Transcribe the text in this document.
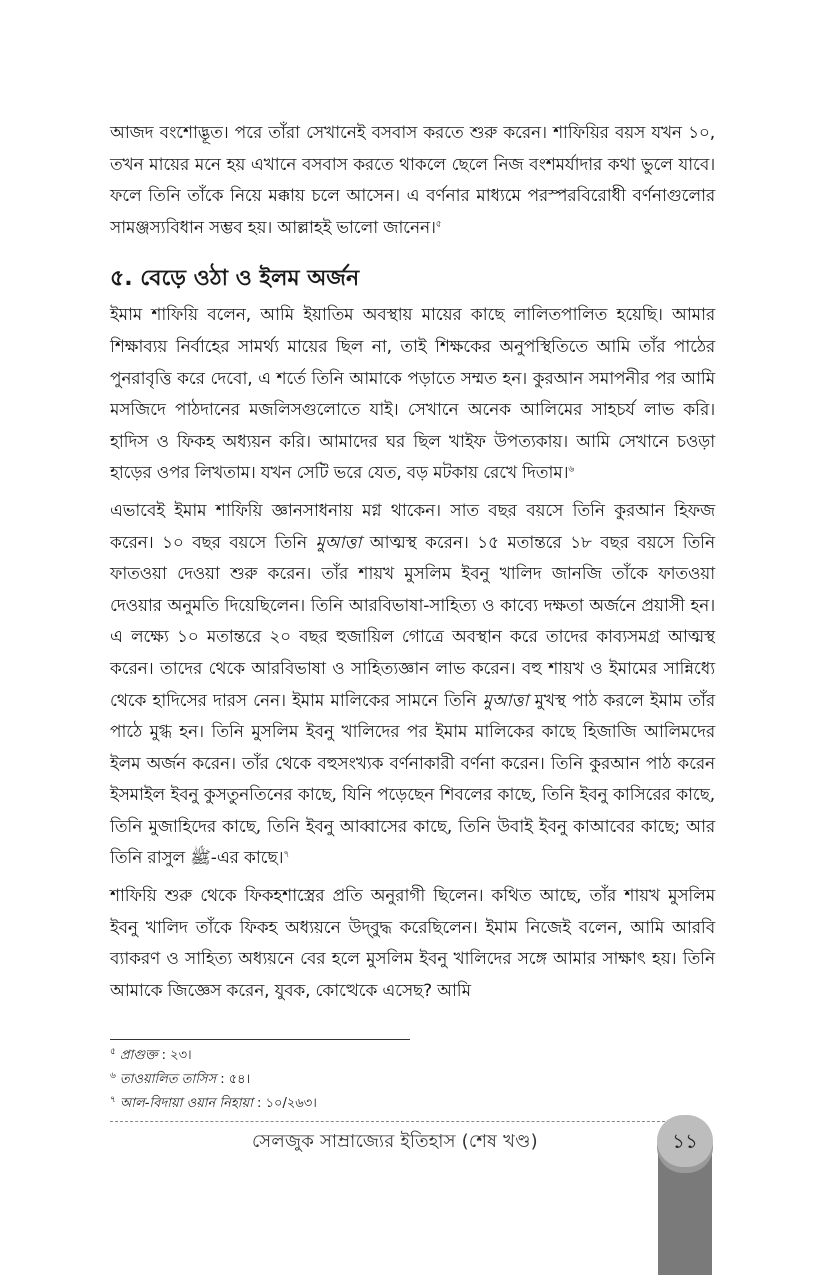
আজদ বংশোদ্ভূত। পরে তাঁরা সেখানেই বসবাস করতে শুরু করেন। শাফিয়ির বয়স যখন ১০, তখন মায়ের মনে হয় এখানে বসবাস করতে থাকলে ছেলে নিজ বংশমর্যাদার কথা ভুলে যাবে। ফলে তিনি তাঁকে নিয়ে মক্কায় চলে আসেন। এ বর্ণনার মাধ্যমে পরস্পরবিরোধী বর্ণনাগুলোর সামঞ্জস্যবিধান সম্ভব হয়। আল্লাহই ভালো জানেন।$^৫$

৫. বেড়ে ওঠা ও ইলম অর্জন

ইমাম শাফিয়ি বলেন, আমি ইয়াতিম অবস্থায় মায়ের কাছে লালিতপালিত হয়েছি। আমার শিক্ষাব্যয় নির্বাহের সামর্থ্য মায়ের ছিল না, তাই শিক্ষকের অনুপস্থিতিতে আমি তাঁর পাঠের পুনরাবৃত্তি করে দেবো, এ শর্তে তিনি আমাকে পড়াতে সম্মত হন। কুরআন সমাপনীর পর আমি মসজিদে পাঠদানের মজলিসগুলোতে যাই। সেখানে অনেক আলিমের সাহচর্য লাভ করি। হাদিস ও ফিকহ অধ্যয়ন করি। আমাদের ঘর ছিল খাইফ উপত্যকায়। আমি সেখানে চওড়া হাড়ের ওপর লিখতাম। যখন সেটি ভরে যেত, বড় মটকায় রেখে দিতাম।$^৬$

এভাবেই ইমাম শাফিয়ি জ্ঞানসাধনায় মগ্ন থাকেন। সাত বছর বয়সে তিনি কুরআন হিফজ করেন। ১০ বছর বয়সে তিনি মুআত্তা আত্মস্থ করেন। ১৫ মতান্তরে ১৮ বছর বয়সে তিনি ফাতওয়া দেওয়া শুরু করেন। তাঁর শায়খ মুসলিম ইবনু খালিদ জানজি তাঁকে ফাতওয়া দেওয়ার অনুমতি দিয়েছিলেন। তিনি আরবিভাষা-সাহিত্য ও কাব্যে দক্ষতা অর্জনে প্রয়াসী হন। এ লক্ষ্যে ১০ মতান্তরে ২০ বছর হুজায়িল গোত্রে অবস্থান করে তাদের কাব্যসমগ্র আত্মস্থ করেন। তাদের থেকে আরবিভাষা ও সাহিত্যজ্ঞান লাভ করেন। বহু শায়খ ও ইমামের সান্নিধ্যে থেকে হাদিসের দারস নেন। ইমাম মালিকের সামনে তিনি মুআত্তা মুখস্থ পাঠ করলে ইমাম তাঁর পাঠে মুগ্ধ হন। তিনি মুসলিম ইবনু খালিদের পর ইমাম মালিকের কাছে হিজাজি আলিমদের ইলম অর্জন করেন। তাঁর থেকে বহুসংখ্যক বর্ণনাকারী বর্ণনা করেন। তিনি কুরআন পাঠ করেন ইসমাইল ইবনু কুসতুনতিনের কাছে, যিনি পড়েছেন শিবলের কাছে, তিনি ইবনু কাসিরের কাছে, তিনি মুজাহিদের কাছে, তিনি ইবনু আব্বাসের কাছে, তিনি উবাই ইবনু কাআবের কাছে; আর তিনি রাসুল ﷺ-এর কাছে।$^৭$

শাফিয়ি শুরু থেকে ফিকহশাস্ত্রের প্রতি অনুরাগী ছিলেন। কথিত আছে, তাঁর শায়খ মুসলিম ইবনু খালিদ তাঁকে ফিকহ অধ্যয়নে উদ্‌বুদ্ধ করেছিলেন। ইমাম নিজেই বলেন, আমি আরবি ব্যাকরণ ও সাহিত্য অধ্যয়নে বের হলে মুসলিম ইবনু খালিদের সঙ্গে আমার সাক্ষাৎ হয়। তিনি আমাকে জিজ্ঞেস করেন, যুবক, কোত্থেকে এসেছ? আমি

$^৫$ প্রাগুক্ত : ২৩।

$^৬$ তাওয়ালিত তাসিস : ৫৪।

$^৭$ আল-বিদায়া ওয়ান নিহায়া : ১০/২৬৩।

সেলজুক সাম্রাজ্যের ইতিহাস (শেষ খণ্ড)	১১
